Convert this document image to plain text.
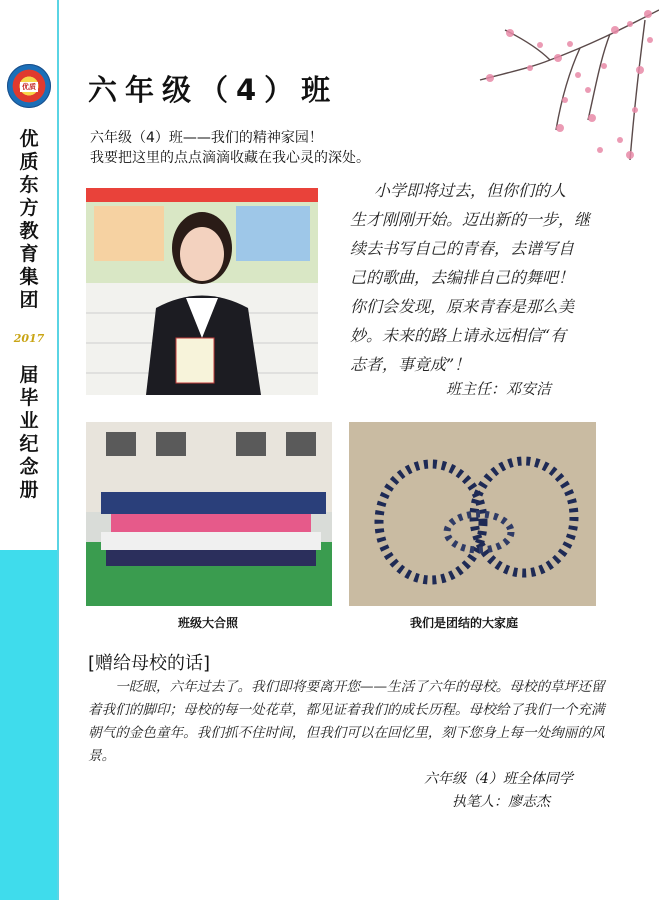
优质
优
质
东
方
教
育
集
团
2017
届
毕
业
纪
念
册
六年级（4）班
六年级（4）班——我们的精神家园！
我要把这里的点点滴滴收藏在我心灵的深处。
小学即将过去，但你们的人
生才刚刚开始。迈出新的一步，继
续去书写自己的青春，去谱写自
己的歌曲，去编排自己的舞吧！
你们会发现，原来青春是那么美
妙。未来的路上请永远相信“有
志者，事竟成”！
班主任：邓安洁
班级大合照	我们是团结的大家庭
[赠给母校的话]
一眨眼，六年过去了。我们即将要离开您——生活了六年的母校。母校的草坪还留着我们的脚印；母校的每一处花草，都见证着我们的成长历程。母校给了我们一个充满朝气的金色童年。我们抓不住时间，但我们可以在回忆里，刻下您身上每一处绚丽的风景。
六年级（4）班全体同学
执笔人：廖志杰
